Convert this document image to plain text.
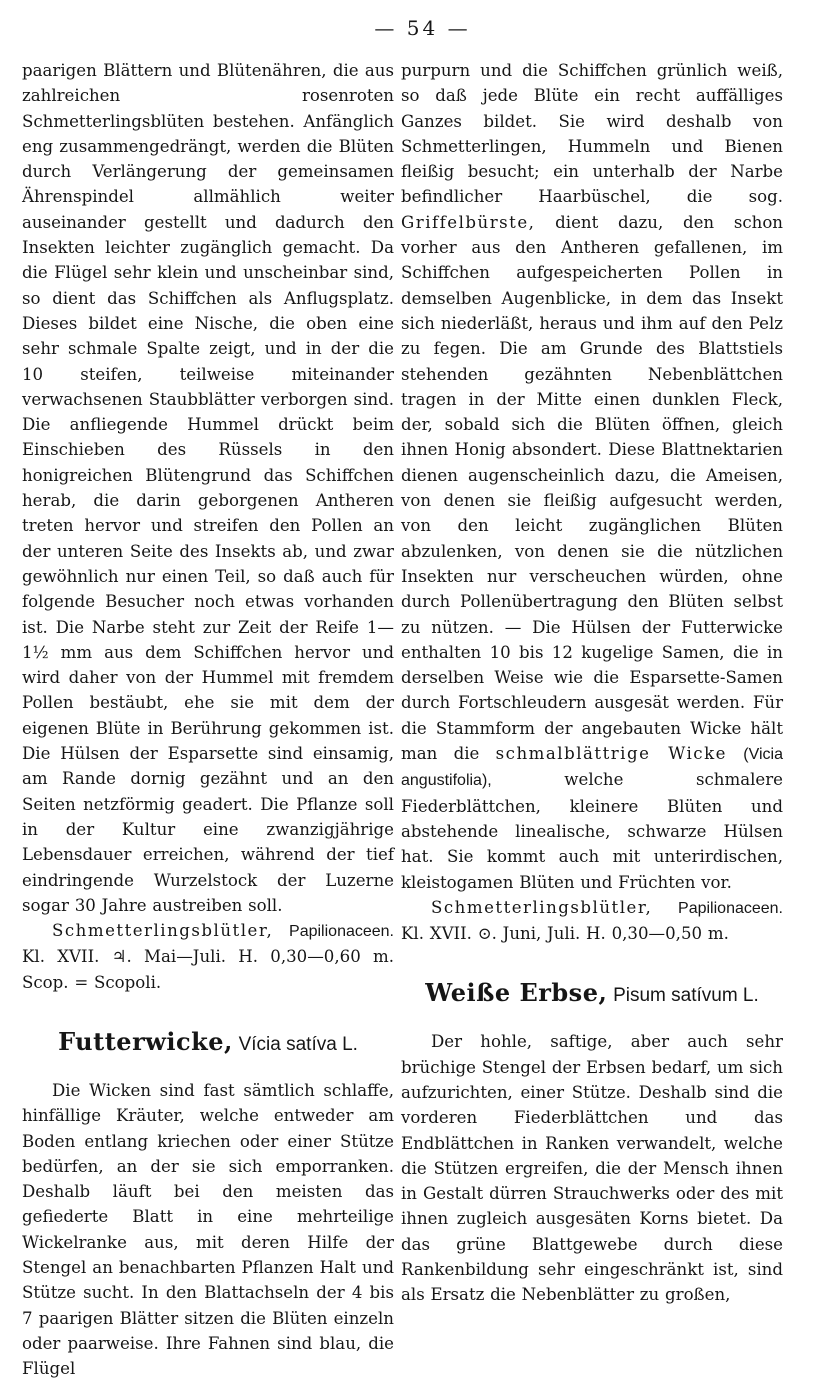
— 54 —

paarigen Blättern und Blütenähren, die aus zahlreichen rosenroten Schmetterlingsblüten bestehen. Anfänglich eng zusammengedrängt, werden die Blüten durch Verlängerung der gemeinsamen Ährenspindel allmählich weiter auseinander gestellt und dadurch den Insekten leichter zugänglich gemacht. Da die Flügel sehr klein und unscheinbar sind, so dient das Schiffchen als Anflugsplatz. Dieses bildet eine Nische, die oben eine sehr schmale Spalte zeigt, und in der die 10 steifen, teilweise miteinander verwachsenen Staubblätter verborgen sind. Die anfliegende Hummel drückt beim Einschieben des Rüssels in den honigreichen Blütengrund das Schiffchen herab, die darin geborgenen Antheren treten hervor und streifen den Pollen an der unteren Seite des Insekts ab, und zwar gewöhnlich nur einen Teil, so daß auch für folgende Besucher noch etwas vorhanden ist. Die Narbe steht zur Zeit der Reife 1—1½ mm aus dem Schiffchen hervor und wird daher von der Hummel mit fremdem Pollen bestäubt, ehe sie mit dem der eigenen Blüte in Berührung gekommen ist. Die Hülsen der Esparsette sind einsamig, am Rande dornig gezähnt und an den Seiten netzförmig geadert. Die Pflanze soll in der Kultur eine zwanzigjährige Lebensdauer erreichen, während der tief eindringende Wurzelstock der Luzerne sogar 30 Jahre austreiben soll.

Schmetterlingsblütler, Papilionaceen. Kl. XVII. ♃. Mai—Juli. H. 0,30—0,60 m. Scop. = Scopoli.

Futterwicke, Vícia satíva L.

Die Wicken sind fast sämtlich schlaffe, hinfällige Kräuter, welche entweder am Boden entlang kriechen oder einer Stütze bedürfen, an der sie sich emporranken. Deshalb läuft bei den meisten das gefiederte Blatt in eine mehrteilige Wickelranke aus, mit deren Hilfe der Stengel an benachbarten Pflanzen Halt und Stütze sucht. In den Blattachseln der 4 bis 7 paarigen Blätter sitzen die Blüten einzeln oder paarweise. Ihre Fahnen sind blau, die Flügel

purpurn und die Schiffchen grünlich weiß, so daß jede Blüte ein recht auffälliges Ganzes bildet. Sie wird deshalb von Schmetterlingen, Hummeln und Bienen fleißig besucht; ein unterhalb der Narbe befindlicher Haarbüschel, die sog. Griffelbürste, dient dazu, den schon vorher aus den Antheren gefallenen, im Schiffchen aufgespeicherten Pollen in demselben Augenblicke, in dem das Insekt sich niederläßt, heraus und ihm auf den Pelz zu fegen. Die am Grunde des Blattstiels stehenden gezähnten Nebenblättchen tragen in der Mitte einen dunklen Fleck, der, sobald sich die Blüten öffnen, gleich ihnen Honig absondert. Diese Blattnektarien dienen augenscheinlich dazu, die Ameisen, von denen sie fleißig aufgesucht werden, von den leicht zugänglichen Blüten abzulenken, von denen sie die nützlichen Insekten nur verscheuchen würden, ohne durch Pollenübertragung den Blüten selbst zu nützen. — Die Hülsen der Futterwicke enthalten 10 bis 12 kugelige Samen, die in derselben Weise wie die Esparsette-Samen durch Fortschleudern ausgesät werden. Für die Stammform der angebauten Wicke hält man die schmalblättrige Wicke (Vicia angustifolia),	welche schmalere Fiederblättchen, kleinere Blüten und abstehende linealische, schwarze Hülsen hat. Sie kommt auch mit unterirdischen, kleistogamen Blüten und Früchten vor.

Schmetterlingsblütler, Papilionaceen. Kl. XVII. ⊙. Juni, Juli. H. 0,30—0,50 m.

Weiße Erbse, Pisum satívum L.

Der hohle, saftige, aber auch sehr brüchige Stengel der Erbsen bedarf, um sich aufzurichten, einer Stütze. Deshalb sind die vorderen Fiederblättchen und das Endblättchen in Ranken verwandelt, welche die Stützen ergreifen, die der Mensch ihnen in Gestalt dürren Strauchwerks oder des mit ihnen zugleich ausgesäten Korns bietet. Da das grüne Blattgewebe durch diese Rankenbildung sehr eingeschränkt ist, sind als Ersatz die Nebenblätter zu großen,
